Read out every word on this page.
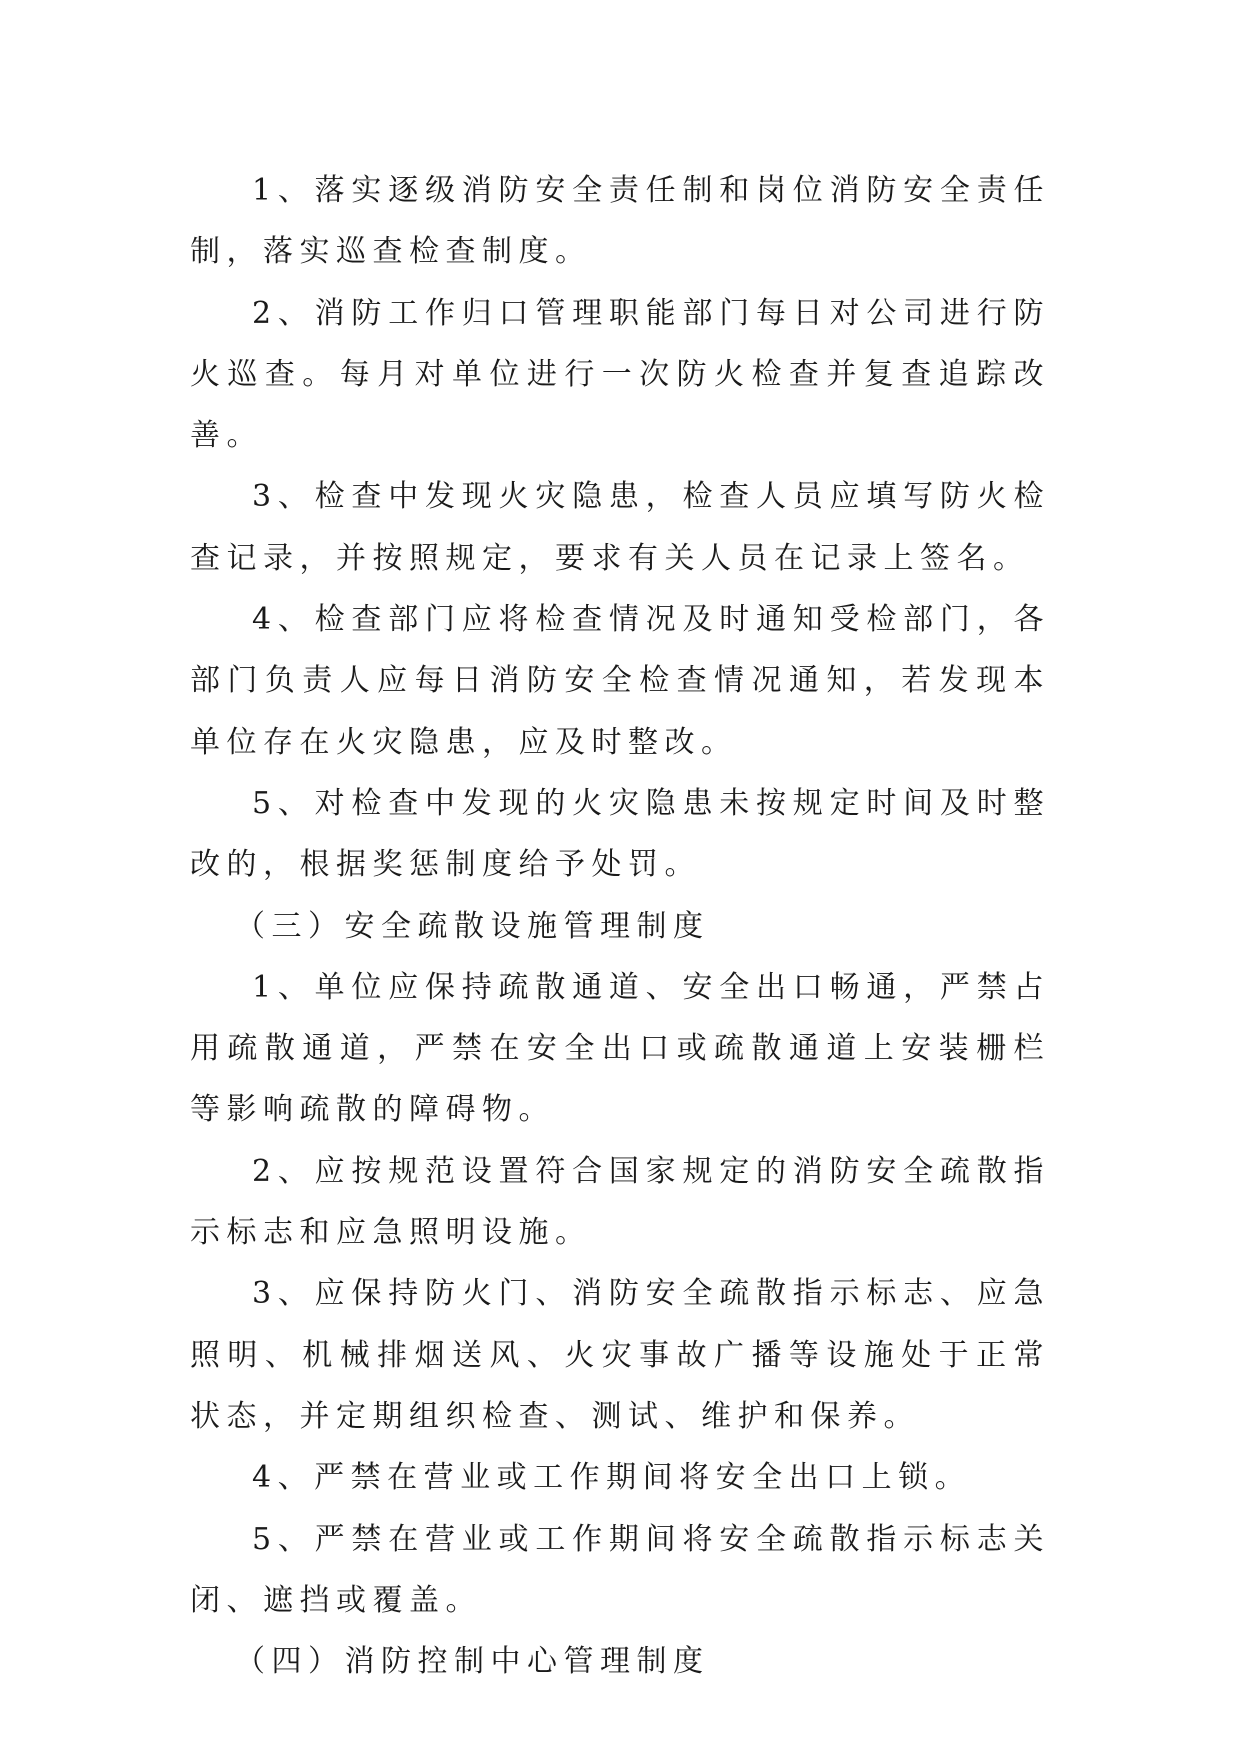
1、落实逐级消防安全责任制和岗位消防安全责任制，落实巡查检查制度。

2、消防工作归口管理职能部门每日对公司进行防火巡查。每月对单位进行一次防火检查并复查追踪改善。

3、检查中发现火灾隐患，检查人员应填写防火检查记录，并按照规定，要求有关人员在记录上签名。

4、检查部门应将检查情况及时通知受检部门，各部门负责人应每日消防安全检查情况通知，若发现本单位存在火灾隐患，应及时整改。

5、对检查中发现的火灾隐患未按规定时间及时整改的，根据奖惩制度给予处罚。

（三）安全疏散设施管理制度

1、单位应保持疏散通道、安全出口畅通，严禁占用疏散通道，严禁在安全出口或疏散通道上安装栅栏等影响疏散的障碍物。

2、应按规范设置符合国家规定的消防安全疏散指示标志和应急照明设施。

3、应保持防火门、消防安全疏散指示标志、应急照明、机械排烟送风、火灾事故广播等设施处于正常状态，并定期组织检查、测试、维护和保养。

4、严禁在营业或工作期间将安全出口上锁。

5、严禁在营业或工作期间将安全疏散指示标志关闭、遮挡或覆盖。

（四）消防控制中心管理制度
